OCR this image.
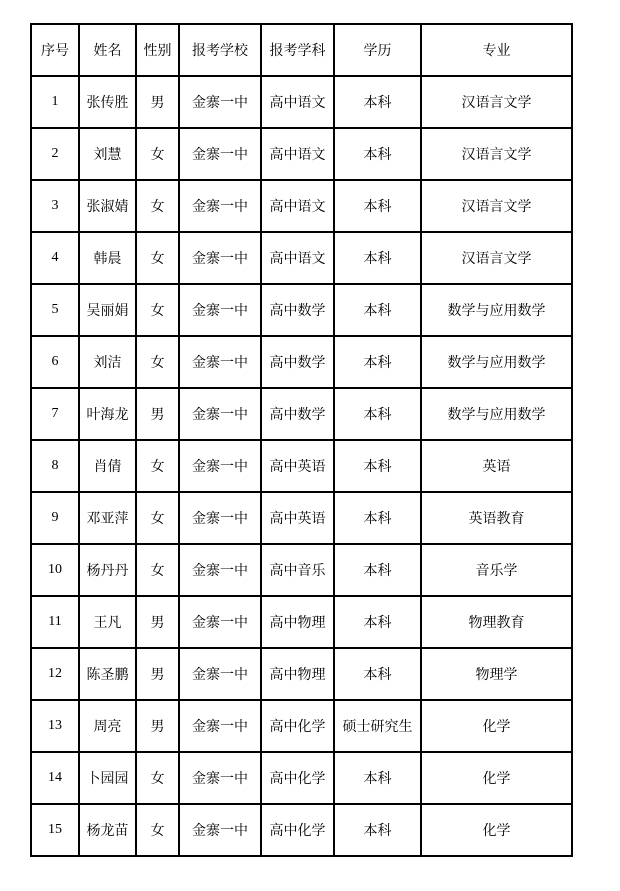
序号	姓名	性别	报考学校	报考学科	学历	专业
1	张传胜	男	金寨一中	高中语文	本科	汉语言文学
2	刘慧	女	金寨一中	高中语文	本科	汉语言文学
3	张淑婧	女	金寨一中	高中语文	本科	汉语言文学
4	韩晨	女	金寨一中	高中语文	本科	汉语言文学
5	吴丽娟	女	金寨一中	高中数学	本科	数学与应用数学
6	刘洁	女	金寨一中	高中数学	本科	数学与应用数学
7	叶海龙	男	金寨一中	高中数学	本科	数学与应用数学
8	肖倩	女	金寨一中	高中英语	本科	英语
9	邓亚萍	女	金寨一中	高中英语	本科	英语教育
10	杨丹丹	女	金寨一中	高中音乐	本科	音乐学
11	王凡	男	金寨一中	高中物理	本科	物理教育
12	陈圣鹏	男	金寨一中	高中物理	本科	物理学
13	周亮	男	金寨一中	高中化学	硕士研究生	化学
14	卜园园	女	金寨一中	高中化学	本科	化学
15	杨龙苗	女	金寨一中	高中化学	本科	化学
